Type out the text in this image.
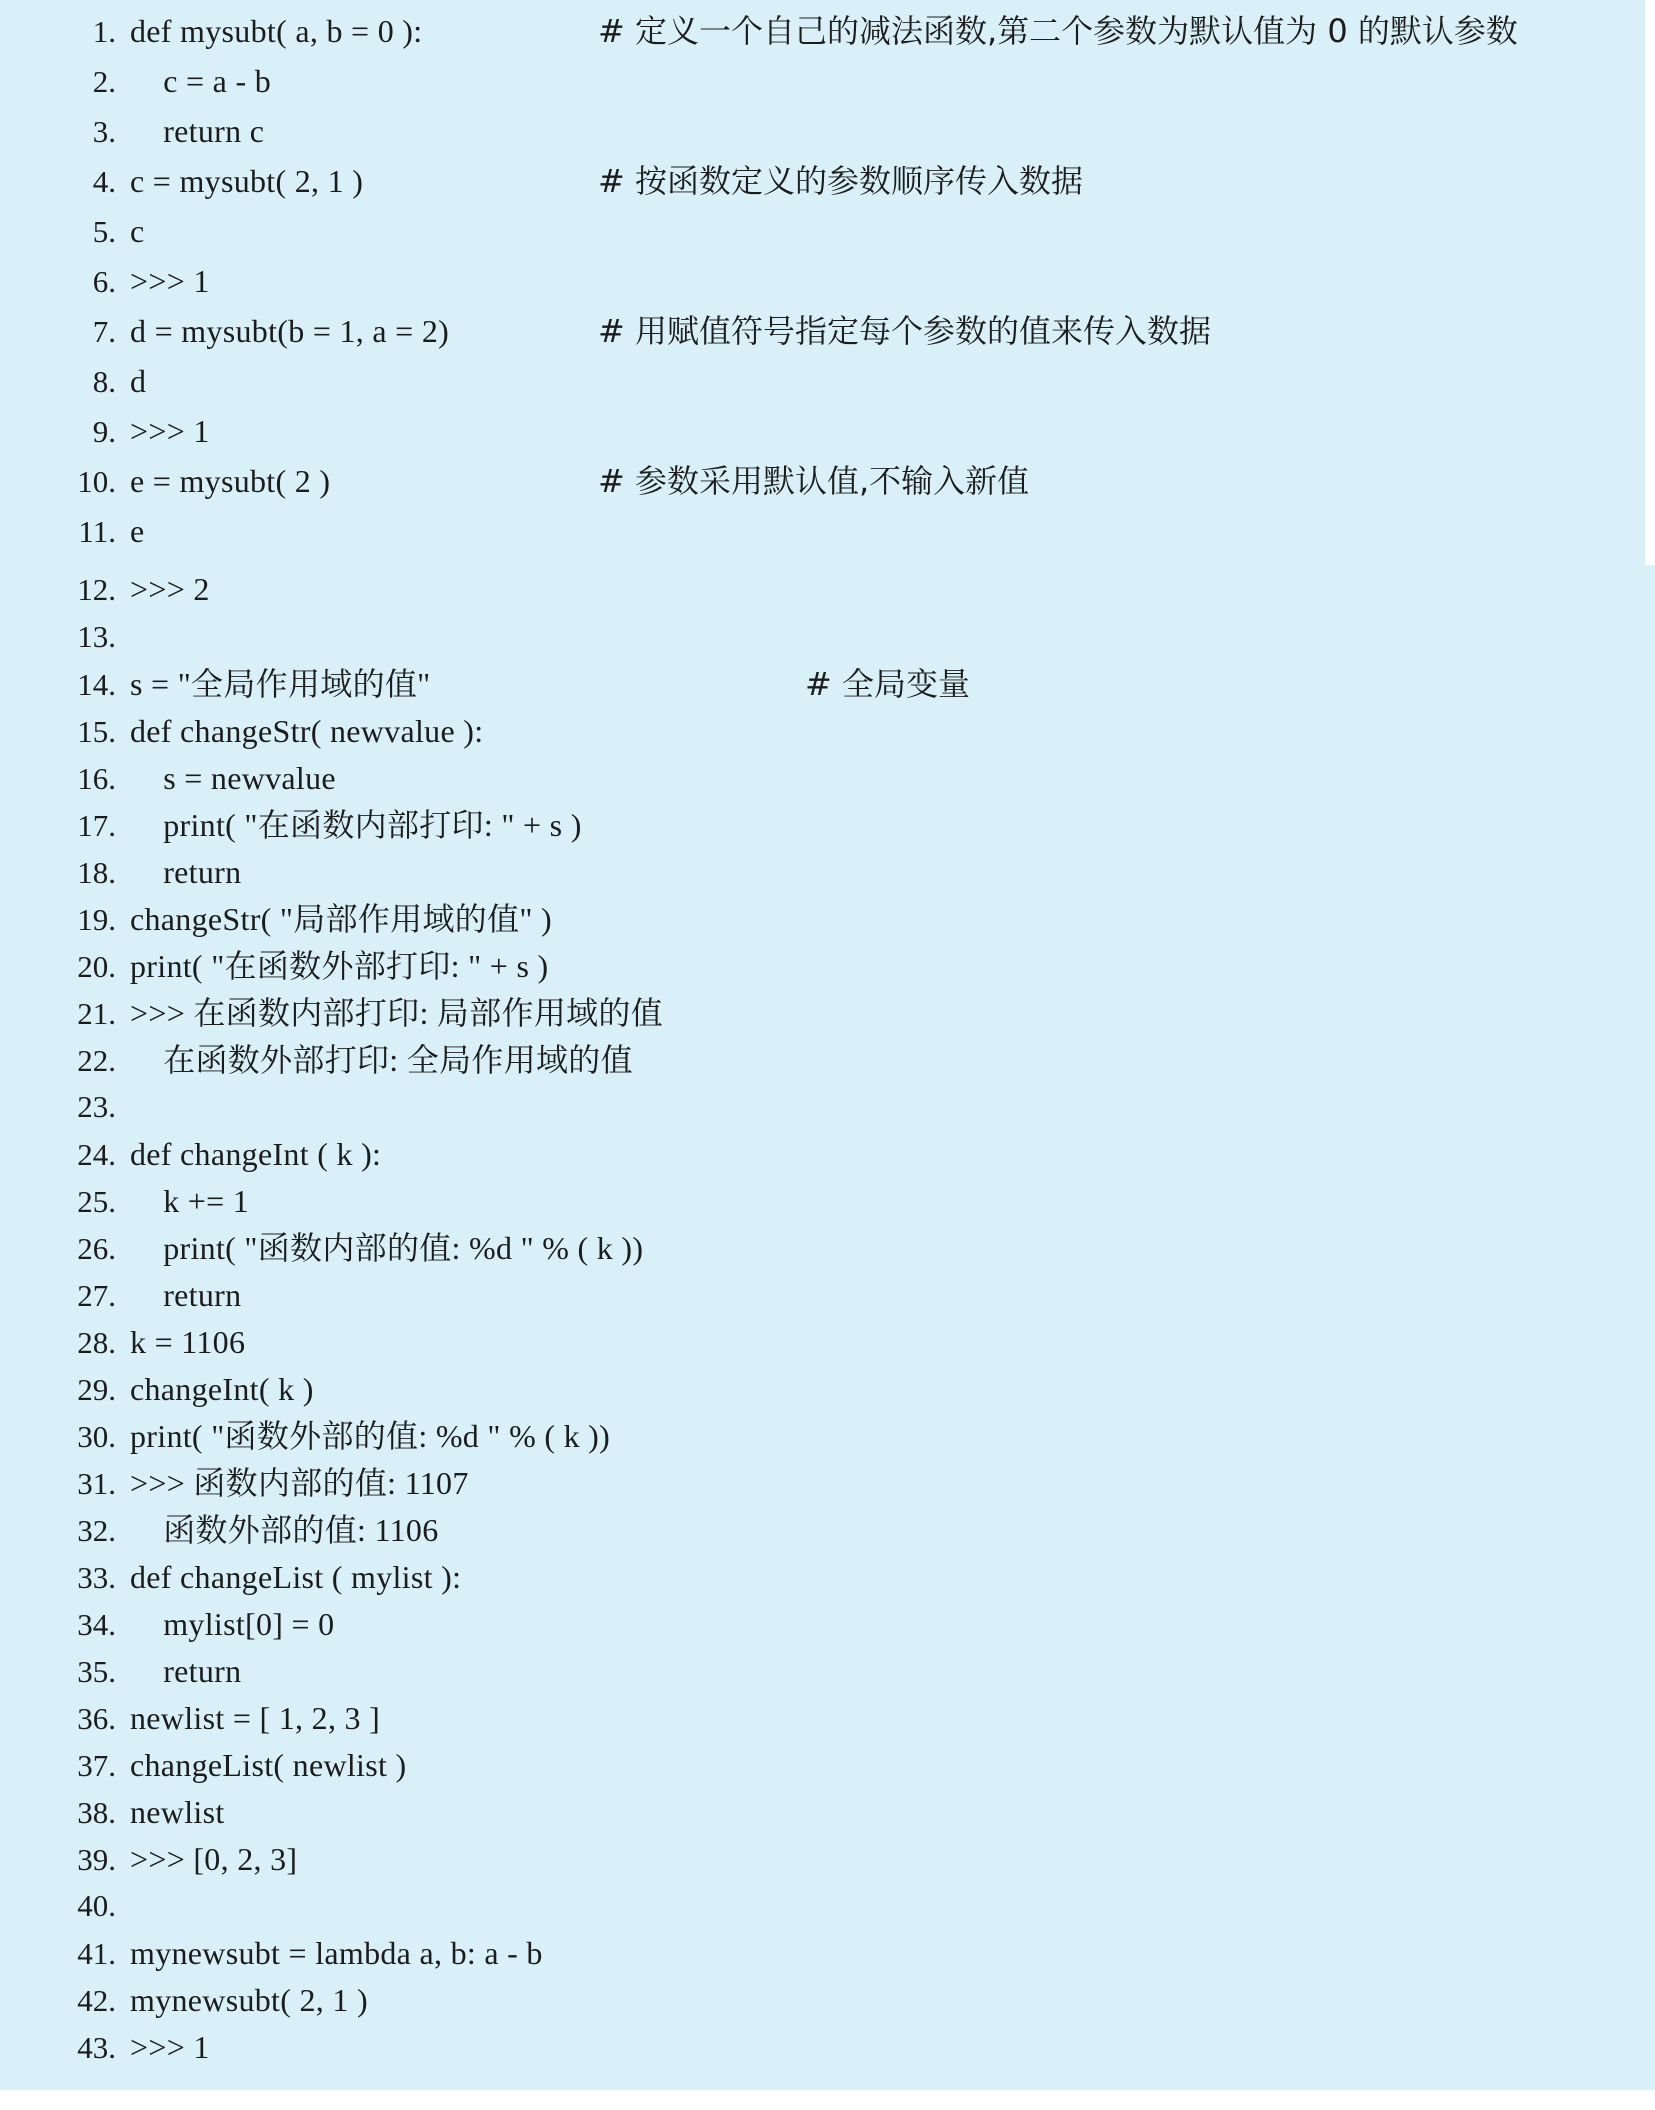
1. def mysubt( a, b = 0 ):	# 定义一个自己的减法函数,第二个参数为默认值为 0 的默认参数
2.    c = a - b
3.    return c
4. c = mysubt( 2, 1 )	# 按函数定义的参数顺序传入数据
5. c
6. >>> 1
7. d = mysubt(b = 1, a = 2)	# 用赋值符号指定每个参数的值来传入数据
8. d
9. >>> 1
10. e = mysubt( 2 )	# 参数采用默认值,不输入新值
11. e
12. >>> 2
13.
14. s = "全局作用域的值"	# 全局变量
15. def changeStr( newvalue ):
16.    s = newvalue
17.    print( "在函数内部打印: " + s )
18.    return
19. changeStr( "局部作用域的值" )
20. print( "在函数外部打印: " + s )
21. >>> 在函数内部打印: 局部作用域的值
22.    在函数外部打印: 全局作用域的值
23.
24. def changeInt ( k ):
25.    k += 1
26.    print( "函数内部的值: %d " % ( k ))
27.    return
28. k = 1106
29. changeInt( k )
30. print( "函数外部的值: %d " % ( k ))
31. >>> 函数内部的值: 1107
32.    函数外部的值: 1106
33. def changeList ( mylist ):
34.    mylist[0] = 0
35.    return
36. newlist = [ 1, 2, 3 ]
37. changeList( newlist )
38. newlist
39. >>> [0, 2, 3]
40.
41. mynewsubt = lambda a, b: a - b
42. mynewsubt( 2, 1 )
43. >>> 1
